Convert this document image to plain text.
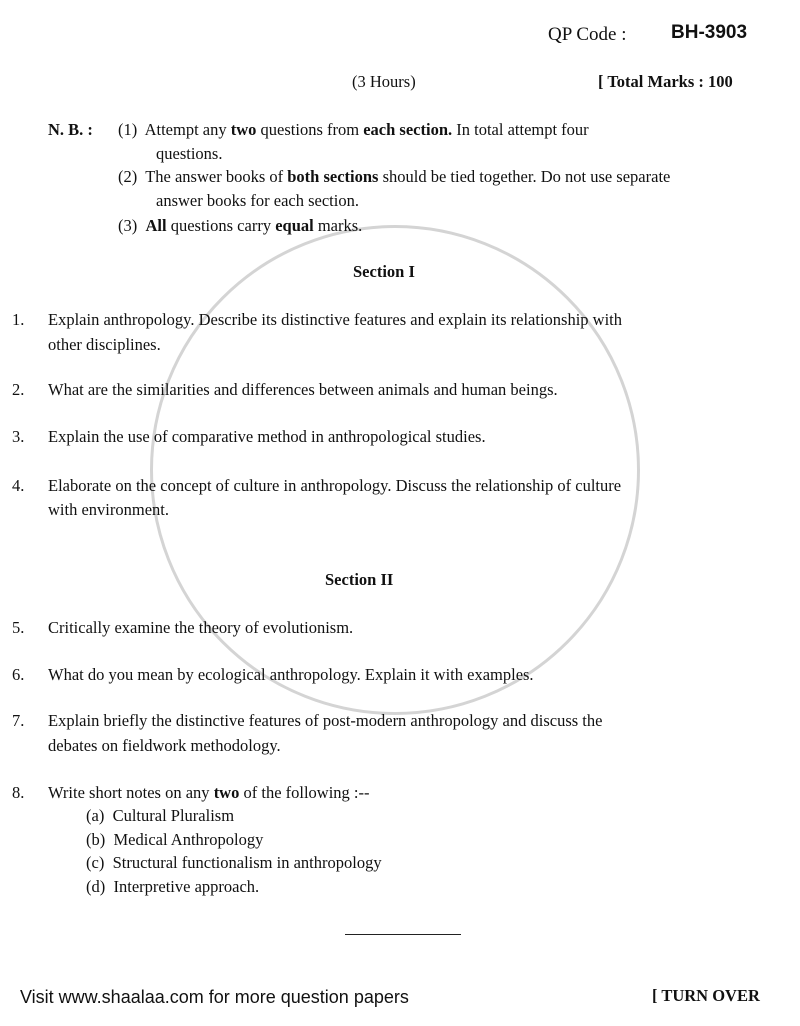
QP Code : BH-3903
(3 Hours)	[ Total Marks : 100
N. B. : (1) Attempt any two questions from each section. In total attempt four
questions.
(2) The answer books of both sections should be tied together. Do not use separate
answer books for each section.
(3) All questions carry equal marks.
Section I
1. Explain anthropology. Describe its distinctive features and explain its relationship with
other disciplines.
2. What are the similarities and differences between animals and human beings.
3. Explain the use of comparative method in anthropological studies.
4. Elaborate on the concept of culture in anthropology. Discuss the relationship of culture
with environment.
Section II
5. Critically examine the theory of evolutionism.
6. What do you mean by ecological anthropology. Explain it with examples.
7. Explain briefly the distinctive features of post-modern anthropology and discuss the
debates on fieldwork methodology.
8. Write short notes on any two of the following :--
(a) Cultural Pluralism
(b) Medical Anthropology
(c) Structural functionalism in anthropology
(d) Interpretive approach.
Visit www.shaalaa.com for more question papers	[ TURN OVER
